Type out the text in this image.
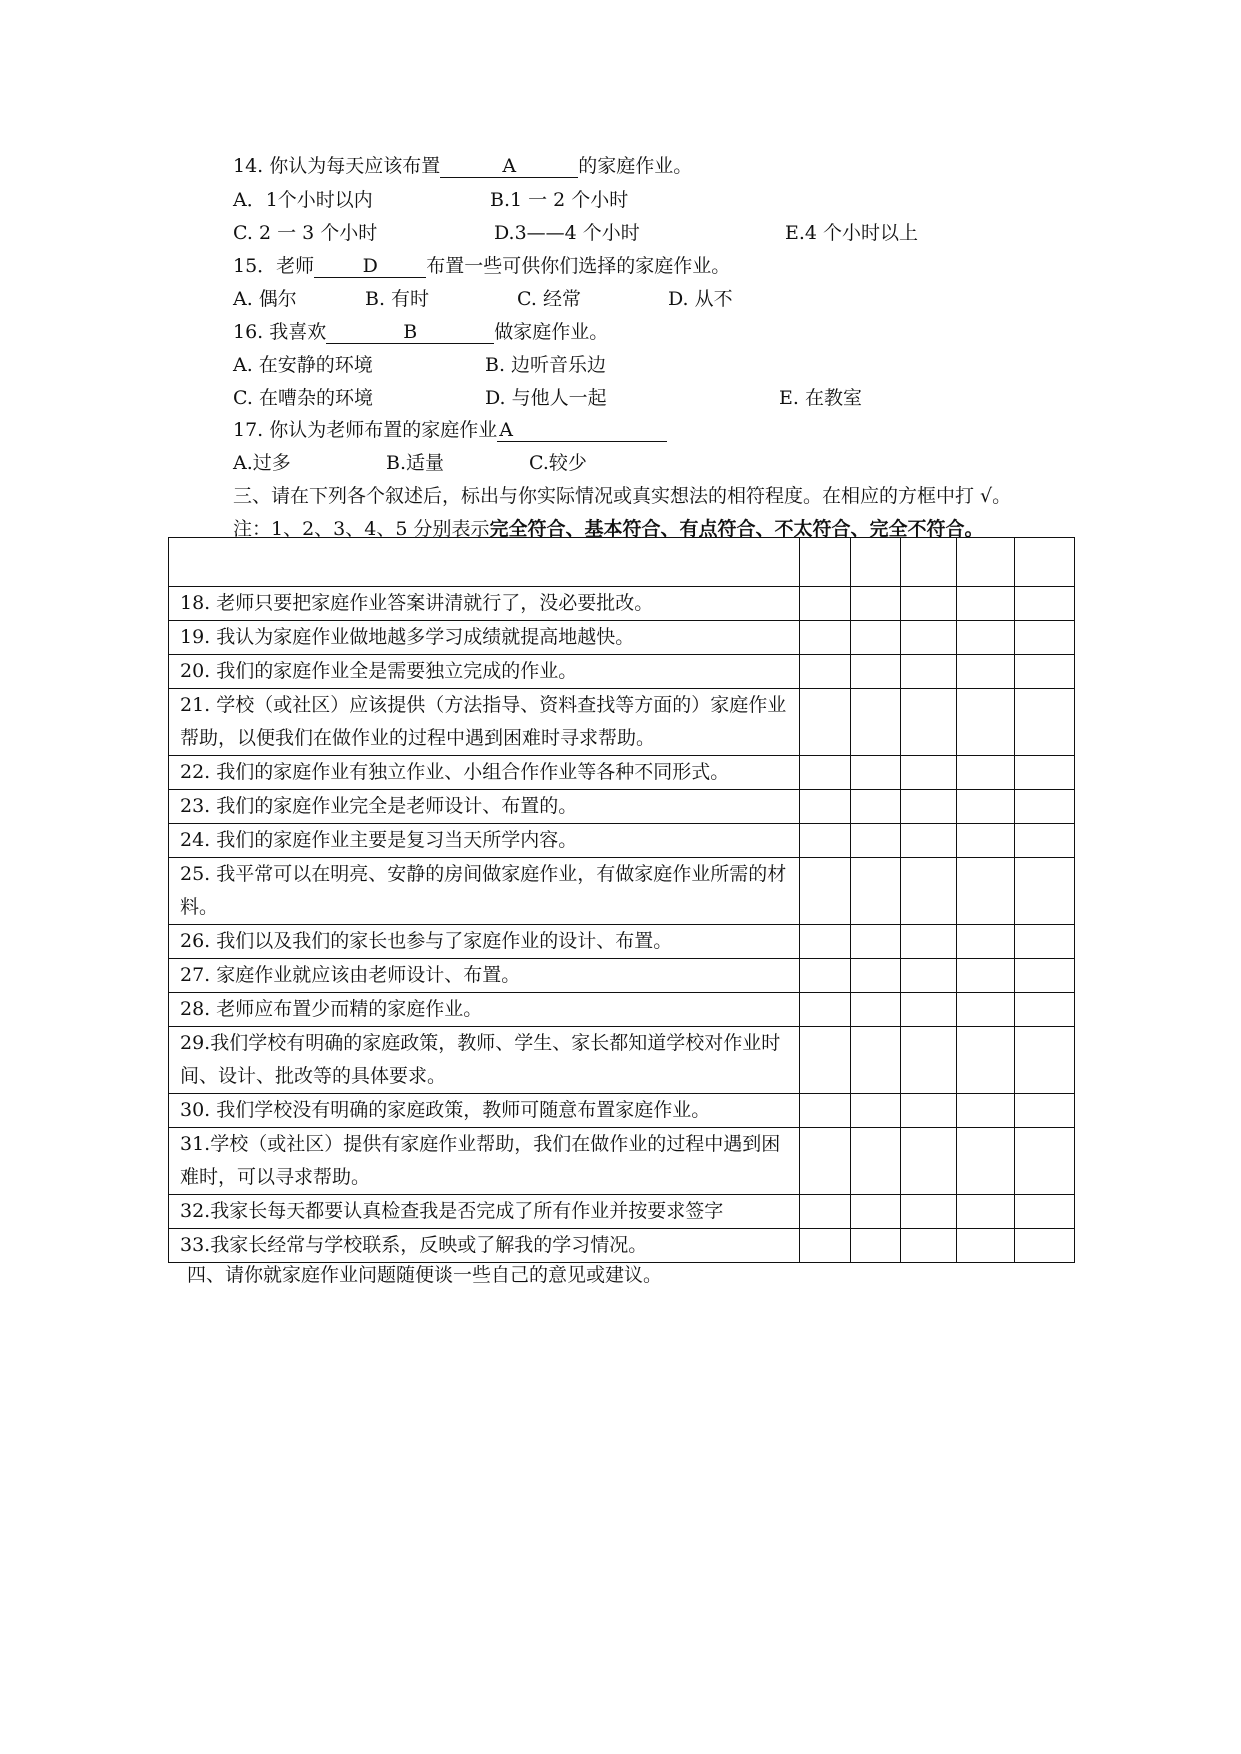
14. 你认为每天应该布置	A	的家庭作业。
A．1个小时以内	B.1 一 2 个小时
C. 2 一 3 个小时	D.3——4 个小时	E.4 个小时以上
15．老师	D	布置一些可供你们选择的家庭作业。
A. 偶尔	B. 有时	C. 经常	D. 从不
16. 我喜欢	B	做家庭作业。
A. 在安静的环境	B. 边听音乐边
C. 在嘈杂的环境	D. 与他人一起	E. 在教室
17. 你认为老师布置的家庭作业 A
A.过多	B.适量	C.较少
三、请在下列各个叙述后，标出与你实际情况或真实想法的相符程度。在相应的方框中打 √。
注：1、2、3、4、5 分别表示完全符合、基本符合、有点符合、不太符合、完全不符合。

18. 老师只要把家庭作业答案讲清就行了，没必要批改。					
19. 我认为家庭作业做地越多学习成绩就提高地越快。					
20. 我们的家庭作业全是需要独立完成的作业。					
21. 学校（或社区）应该提供（方法指导、资料查找等方面的）家庭作业帮助，以便我们在做作业的过程中遇到困难时寻求帮助。					
22. 我们的家庭作业有独立作业、小组合作作业等各种不同形式。					
23. 我们的家庭作业完全是老师设计、布置的。					
24. 我们的家庭作业主要是复习当天所学内容。					
25. 我平常可以在明亮、安静的房间做家庭作业，有做家庭作业所需的材料。					
26. 我们以及我们的家长也参与了家庭作业的设计、布置。					
27. 家庭作业就应该由老师设计、布置。					
28. 老师应布置少而精的家庭作业。					
29.我们学校有明确的家庭政策，教师、学生、家长都知道学校对作业时间、设计、批改等的具体要求。					
30. 我们学校没有明确的家庭政策，教师可随意布置家庭作业。					
31.学校（或社区）提供有家庭作业帮助，我们在做作业的过程中遇到困难时，可以寻求帮助。					
32.我家长每天都要认真检查我是否完成了所有作业并按要求签字					
33.我家长经常与学校联系，反映或了解我的学习情况。					
四、请你就家庭作业问题随便谈一些自己的意见或建议。
